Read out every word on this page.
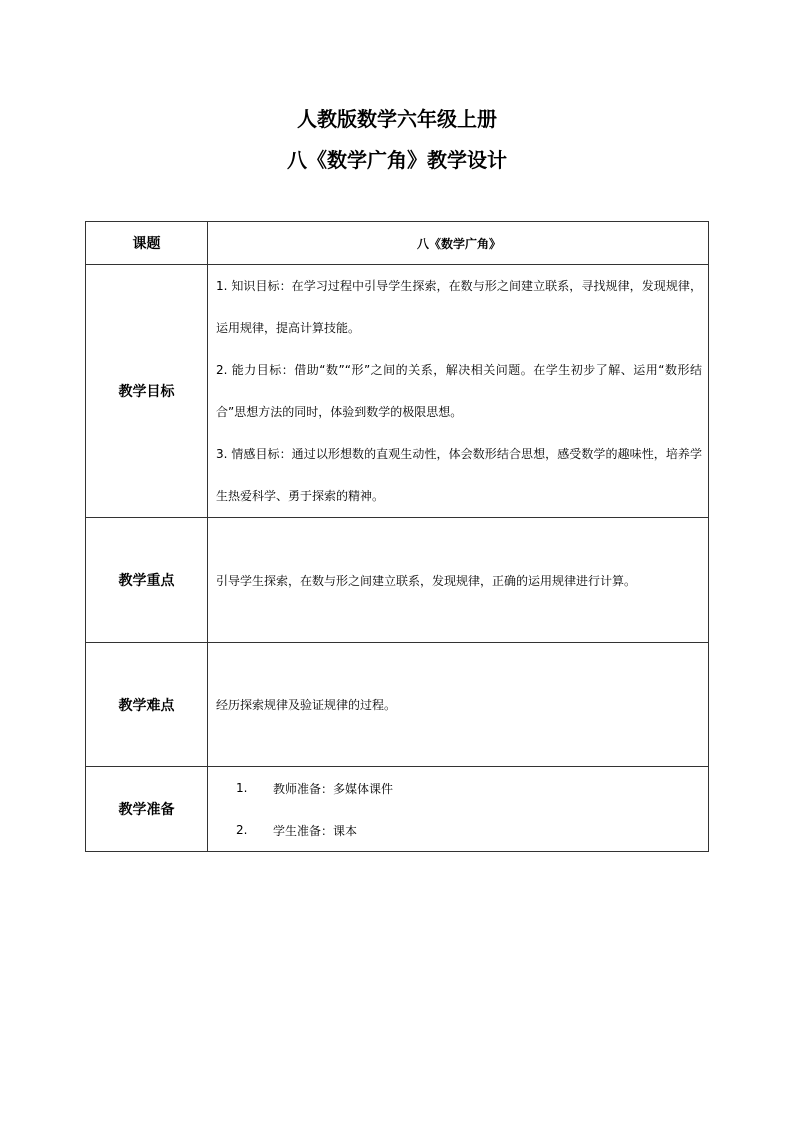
人教版数学六年级上册
八《数学广角》教学设计
课题	八《数学广角》
教学目标	1. 知识目标：在学习过程中引导学生探索，在数与形之间建立联系，寻找规律，发现规律，运用规律，提高计算技能。

2. 能力目标：借助“数”“形”之间的关系，解决相关问题。在学生初步了解、运用“数形结合”思想方法的同时，体验到数学的极限思想。

3. 情感目标：通过以形想数的直观生动性，体会数形结合思想，感受数学的趣味性，培养学生热爱科学、勇于探索的精神。

教学重点	引导学生探索，在数与形之间建立联系，发现规律，正确的运用规律进行计算。
教学难点	经历探索规律及验证规律的过程。
教学准备	1. 教师准备：多媒体课件
2. 学生准备：课本
